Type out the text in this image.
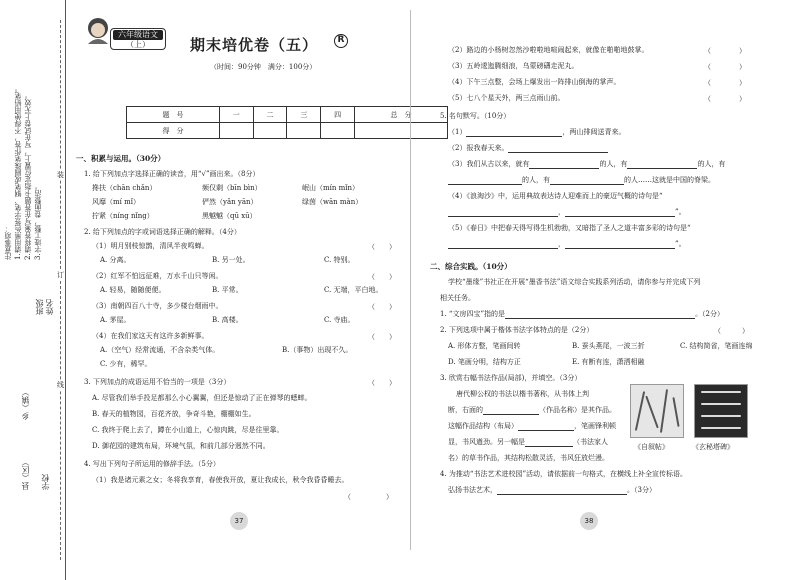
注意事项： 1.请用黑色签字笔、钢笔或圆珠笔作答，不得使用铅笔。 2.请将答案写在答题卡指定位置上，写在试卷上无效。 3.字迹工整，卷面整洁。
装
订
线
班级 姓名
县（区）
乡（镇）
学校
六年级语文
（上）	期末培优卷（五）	R
（时间：90分钟　满分：100分）
题　号	一	二	三	四	总　分
得　分					
一、积累与运用。（30分）
1. 给下列加点字选择正确的读音，用“√”画出来。（8分）
搀扶（chān chǎn）	频仅剩（bīn bìn）	岷山（mín mǐn）
风靡（mí mǐ）	俨然（yǎn yān）	绿茵（wān màn）
拧紧（níng nǐng）	黑魆魆（qū xū）
2. 给下列加点的字或词语选择正确的解释。（4分）
（1）明月别枝惊鹊，清风半夜鸣蝉。	（　　）
A. 分离。	B. 另一处。	C. 特别。
（2）红军不怕远征难，万水千山只等闲。	（　　）
A. 轻易，随随便便。	B. 平常。	C. 无端，平白地。
（3）南朝四百八十寺，多少楼台烟雨中。	（　　）
A. 茅屋。	B. 高楼。	C. 寺庙。
（4）在我们家这天有这许多新鲜事。	（　　）
A.（空气）经常流通，不含杂类气体。	B.（事物）出现不久。
C. 少有，稀罕。
3. 下列加点的成语运用不恰当的一项是（3分）	（　　）
A. 尽管我们举手投足都那么小心翼翼，但还是惊动了正在弹琴的蟋蟀。
B. 春天的植物园，百花齐放，争奇斗艳，棚棚如生。
C. 我终于爬上去了，蹲在小山道上，心惊肉跳，尽是往里靠。
D. 御花园的建筑布局，环境气氛，和前几部分迥然不同。
4. 写出下列句子所运用的修辞手法。（5分）
（1）我是诸元素之女；冬将我享育，春使我开放，夏让我成长，秋令我昏昏睡去。
（　　　　　）
37
（2）路边的小杨树忽然沙啦啦地喧闹起来，就像在啪啪地鼓掌。	（　　　　）
（3）五岭逶迤腾细浪，乌蒙磅礴走泥丸。	（　　　　）
（4）下午三点整，会场上爆发出一阵排山倒海的掌声。	（　　　　）
（5）七八个星天外，两三点雨山前。	（　　　　）
5. 名句默写。（10分）
（1）	，两山排闼送青来。
（2）报我春天来。
（3）我们从古以来，就有	的人，有	的人，有
的人，有	的人……这就是中国的脊梁。
（4）《浪淘沙》中，运用典故表达诗人迎难而上的豪迈气概的诗句是“
，	”。
（5）《春日》中把春天得写得生机勃勃，又暗指了圣人之道丰富多彩的诗句是“
，	”。
二、综合实践。（10分）
学校“墨缘”书社正在开展“墨香书法”语文综合实践系列活动，请你参与并完成下列
相关任务。
1. “文房四宝”指的是	。（2分）
2. 下列选项中属于楷体书法字体特点的是（2分）	（　　　）
A. 形体方整，笔画间转	B. 蚕头燕尾，一波三折	C. 结构简省，笔画连绵
D. 笔画分明，结构方正	E. 有断有连，潇洒相融
3. 欣赏右幅书法作品(局部)，并填空。（3分）
唐代柳公权的书法以楷书著称，从书体上判
断，右面的	（作品名称）是其作品。
这幅作品结构（布局）	，笔画锋利顿
显，书风遒劲。另一幅是	（书法家人
名）的草书作品，其结构松散灵活，书风狂放烂漫。
《自叙帖》	《玄秘塔碑》
4. 为推动“书法艺术进校园”活动，请依据前一句格式，在横线上补全宣传标语。
弘扬书法艺术，	。（3分）
38
